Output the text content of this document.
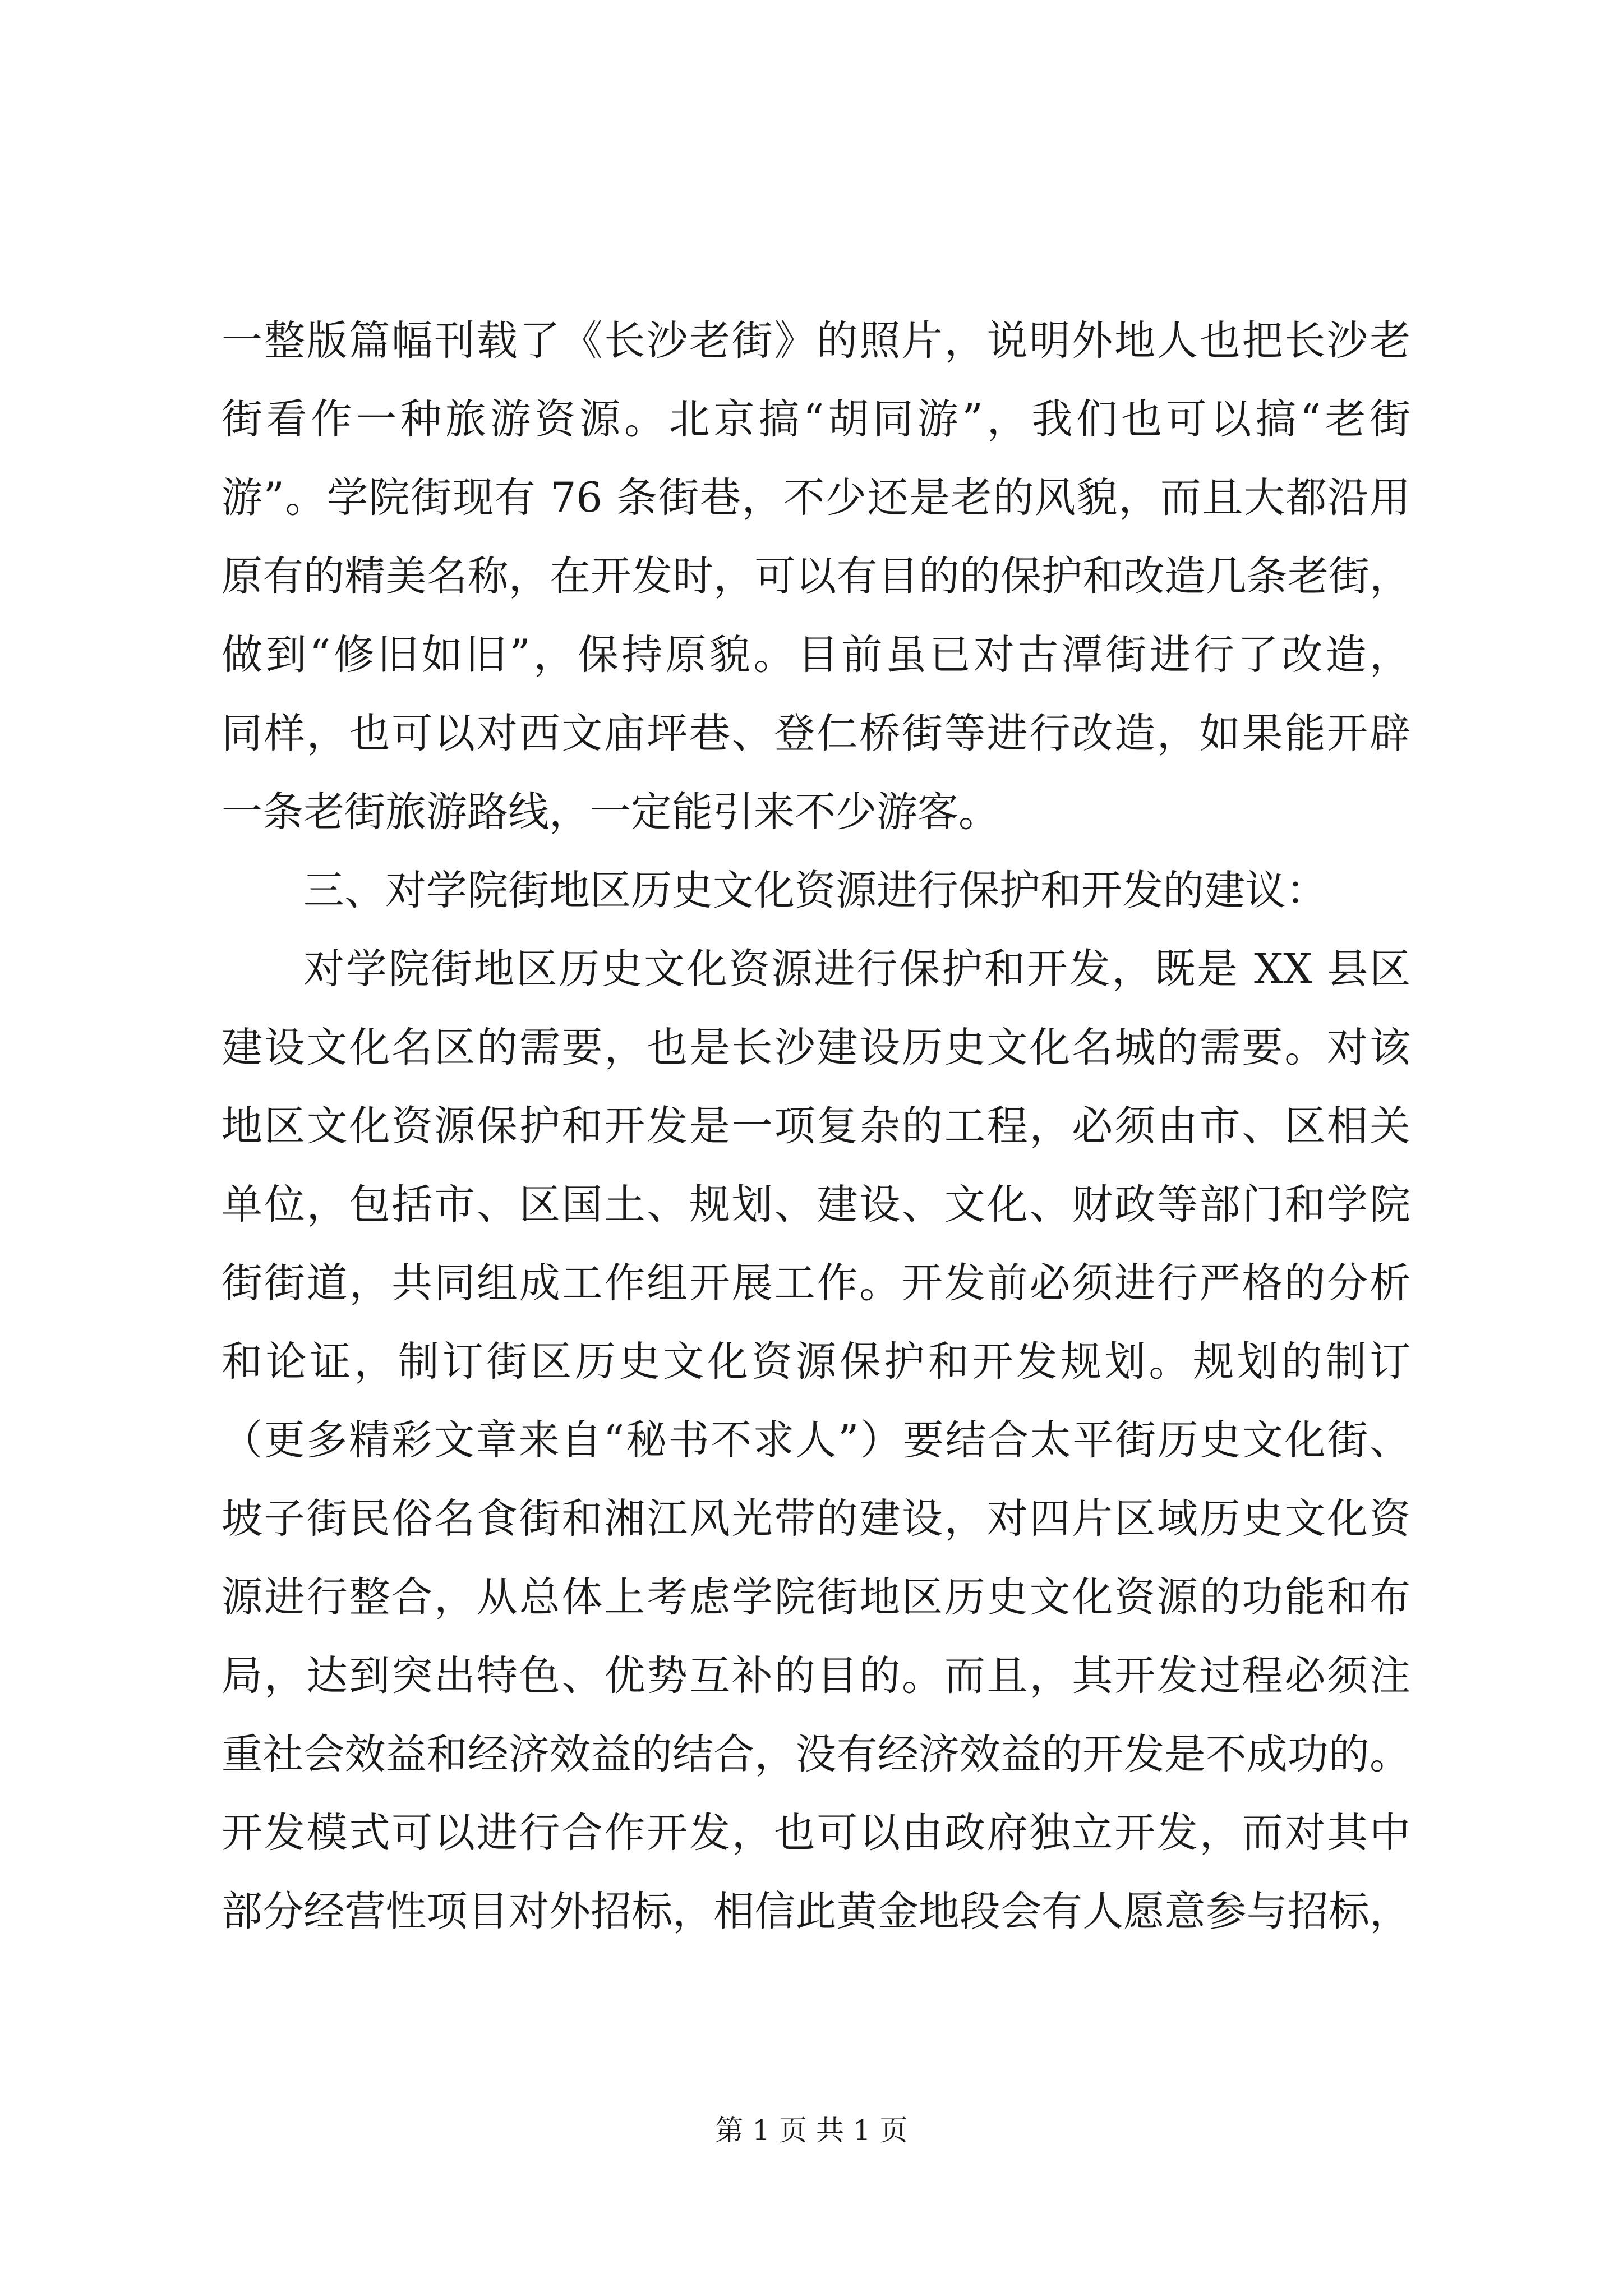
一整版篇幅刊载了《长沙老街》的照片，说明外地人也把长沙老
街看作一种旅游资源。北京搞“胡同游”，我们也可以搞“老街
游”。学院街现有 76 条街巷，不少还是老的风貌，而且大都沿用
原有的精美名称，在开发时，可以有目的的保护和改造几条老街，
做到“修旧如旧”，保持原貌。目前虽已对古潭街进行了改造，
同样，也可以对西文庙坪巷、登仁桥街等进行改造，如果能开辟
一条老街旅游路线，一定能引来不少游客。
三、对学院街地区历史文化资源进行保护和开发的建议：
对学院街地区历史文化资源进行保护和开发，既是 XX 县区
建设文化名区的需要，也是长沙建设历史文化名城的需要。对该
地区文化资源保护和开发是一项复杂的工程，必须由市、区相关
单位，包括市、区国土、规划、建设、文化、财政等部门和学院
街街道，共同组成工作组开展工作。开发前必须进行严格的分析
和论证，制订街区历史文化资源保护和开发规划。规划的制订
（更多精彩文章来自“秘书不求人”）要结合太平街历史文化街、
坡子街民俗名食街和湘江风光带的建设，对四片区域历史文化资
源进行整合，从总体上考虑学院街地区历史文化资源的功能和布
局，达到突出特色、优势互补的目的。而且，其开发过程必须注
重社会效益和经济效益的结合，没有经济效益的开发是不成功的。
开发模式可以进行合作开发，也可以由政府独立开发，而对其中
部分经营性项目对外招标，相信此黄金地段会有人愿意参与招标，
第 1 页 共 1 页
